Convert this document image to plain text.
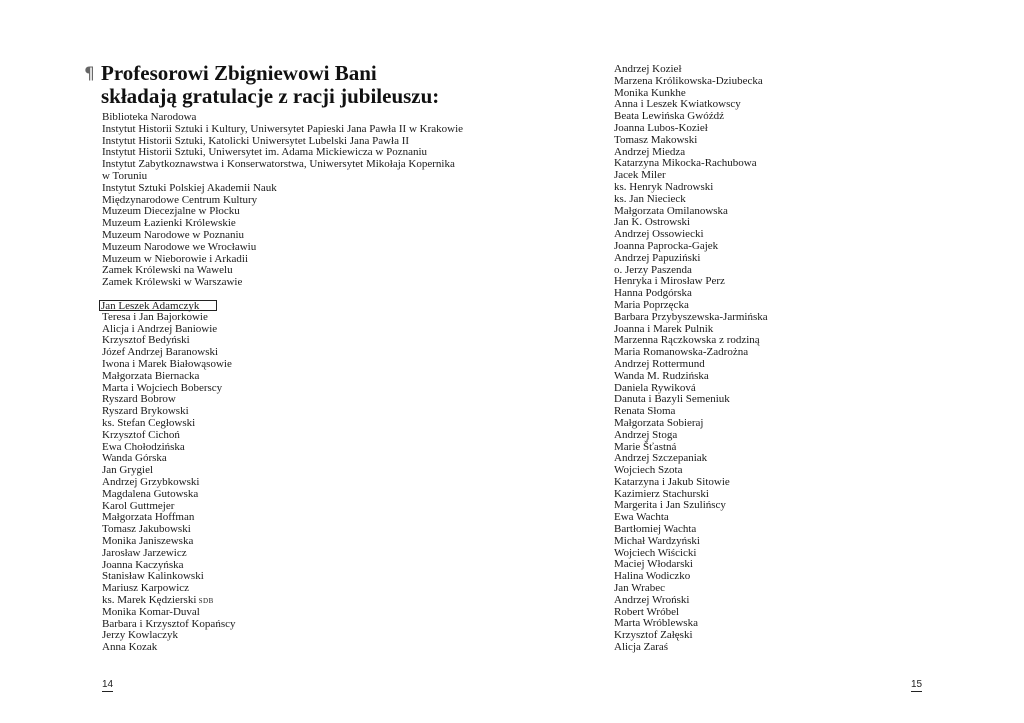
¶ Profesorowi Zbigniewowi Bani
składają gratulacje z racji jubileuszu:
Biblioteka Narodowa
Instytut Historii Sztuki i Kultury, Uniwersytet Papieski Jana Pawła II w Krakowie
Instytut Historii Sztuki, Katolicki Uniwersytet Lubelski Jana Pawła II
Instytut Historii Sztuki, Uniwersytet im. Adama Mickiewicza w Poznaniu
Instytut Zabytkoznawstwa i Konserwatorstwa, Uniwersytet Mikołaja Kopernika
w Toruniu
Instytut Sztuki Polskiej Akademii Nauk
Międzynarodowe Centrum Kultury
Muzeum Diecezjalne w Płocku
Muzeum Łazienki Królewskie
Muzeum Narodowe w Poznaniu
Muzeum Narodowe we Wrocławiu
Muzeum w Nieborowie i Arkadii
Zamek Królewski na Wawelu
Zamek Królewski w Warszawie
Jan Leszek Adamczyk
Teresa i Jan Bajorkowie
Alicja i Andrzej Baniowie
Krzysztof Bedyński
Józef Andrzej Baranowski
Iwona i Marek Białowąsowie
Małgorzata Biernacka
Marta i Wojciech Boberscy
Ryszard Bobrow
Ryszard Brykowski
ks. Stefan Cegłowski
Krzysztof Cichoń
Ewa Chołodzińska
Wanda Górska
Jan Grygiel
Andrzej Grzybkowski
Magdalena Gutowska
Karol Guttmejer
Małgorzata Hoffman
Tomasz Jakubowski
Monika Janiszewska
Jarosław Jarzewicz
Joanna Kaczyńska
Stanisław Kalinkowski
Mariusz Karpowicz
ks. Marek Kędzierski SDB
Monika Komar-Duval
Barbara i Krzysztof Kopańscy
Jerzy Kowlaczyk
Anna Kozak
14
Andrzej Kozieł
Marzena Królikowska-Dziubecka
Monika Kunkhe
Anna i Leszek Kwiatkowscy
Beata Lewińska Gwóźdź
Joanna Lubos-Kozieł
Tomasz Makowski
Andrzej Miedza
Katarzyna Mikocka-Rachubowa
Jacek Miler
ks. Henryk Nadrowski
ks. Jan Niecieck
Małgorzata Omilanowska
Jan K. Ostrowski
Andrzej Ossowiecki
Joanna Paprocka-Gajek
Andrzej Papuziński
o. Jerzy Paszenda
Henryka i Mirosław Perz
Hanna Podgórska
Maria Poprzęcka
Barbara Przybyszewska-Jarmińska
Joanna i Marek Pulnik
Marzenna Rączkowska z rodziną
Maria Romanowska-Zadrożna
Andrzej Rottermund
Wanda M. Rudzińska
Daniela Rywiková
Danuta i Bazyli Semeniuk
Renata Słoma
Małgorzata Sobieraj
Andrzej Stoga
Marie Šťastná
Andrzej Szczepaniak
Wojciech Szota
Katarzyna i Jakub Sitowie
Kazimierz Stachurski
Margerita i Jan Szulińscy
Ewa Wachta
Bartłomiej Wachta
Michał Wardzyński
Wojciech Wiścicki
Maciej Włodarski
Halina Wodiczko
Jan Wrabec
Andrzej Wroński
Robert Wróbel
Marta Wróblewska
Krzysztof Załęski
Alicja Zaraś
15
